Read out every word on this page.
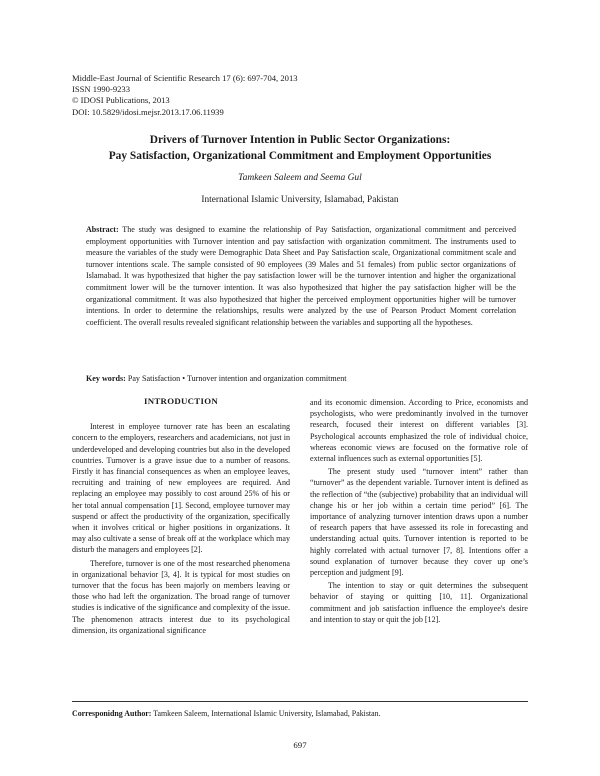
Middle-East Journal of Scientific Research 17 (6): 697-704, 2013
ISSN 1990-9233
© IDOSI Publications, 2013
DOI: 10.5829/idosi.mejsr.2013.17.06.11939
Drivers of Turnover Intention in Public Sector Organizations:
Pay Satisfaction, Organizational Commitment and Employment Opportunities
Tamkeen Saleem and Seema Gul
International Islamic University, Islamabad, Pakistan
Abstract: The study was designed to examine the relationship of Pay Satisfaction, organizational commitment and perceived employment opportunities with Turnover intention and pay satisfaction with organization commitment. The instruments used to measure the variables of the study were Demographic Data Sheet and Pay Satisfaction scale, Organizational commitment scale and turnover intentions scale. The sample consisted of 90 employees (39 Males and 51 females) from public sector organizations of Islamabad. It was hypothesized that higher the pay satisfaction lower will be the turnover intention and higher the organizational commitment lower will be the turnover intention. It was also hypothesized that higher the pay satisfaction higher will be the organizational commitment. It was also hypothesized that higher the perceived employment opportunities higher will be turnover intentions. In order to determine the relationships, results were analyzed by the use of Pearson Product Moment correlation coefficient. The overall results revealed significant relationship between the variables and supporting all the hypotheses.
Key words: Pay Satisfaction • Turnover intention and organization commitment
INTRODUCTION

Interest in employee turnover rate has been an escalating concern to the employers, researchers and academicians, not just in underdeveloped and developing countries but also in the developed countries. Turnover is a grave issue due to a number of reasons. Firstly it has financial consequences as when an employee leaves, recruiting and training of new employees are required. And replacing an employee may possibly to cost around 25% of his or her total annual compensation [1]. Second, employee turnover may suspend or affect the productivity of the organization, specifically when it involves critical or higher positions in organizations. It may also cultivate a sense of break off at the workplace which may disturb the managers and employees [2].

Therefore, turnover is one of the most researched phenomena in organizational behavior [3, 4]. It is typical for most studies on turnover that the focus has been majorly on members leaving or those who had left the organization. The broad range of turnover studies is indicative of the significance and complexity of the issue. The phenomenon attracts interest due to its psychological dimension, its organizational significance

and its economic dimension. According to Price, economists and psychologists, who were predominantly involved in the turnover research, focused their interest on different variables [3]. Psychological accounts emphasized the role of individual choice, whereas economic views are focused on the formative role of external influences such as external opportunities [5].

The present study used “turnover intent” rather than “turnover” as the dependent variable. Turnover intent is defined as the reflection of “the (subjective) probability that an individual will change his or her job within a certain time period” [6]. The importance of analyzing turnover intention draws upon a number of research papers that have assessed its role in forecasting and understanding actual quits. Turnover intention is reported to be highly correlated with actual turnover [7, 8]. Intentions offer a sound explanation of turnover because they cover up one’s perception and judgment [9].

The intention to stay or quit determines the subsequent behavior of staying or quitting [10, 11]. Organizational commitment and job satisfaction influence the employee's desire and intention to stay or quit the job [12].

Corresponidng Author: Tamkeen Saleem, International Islamic University, Islamabad, Pakistan.
697
